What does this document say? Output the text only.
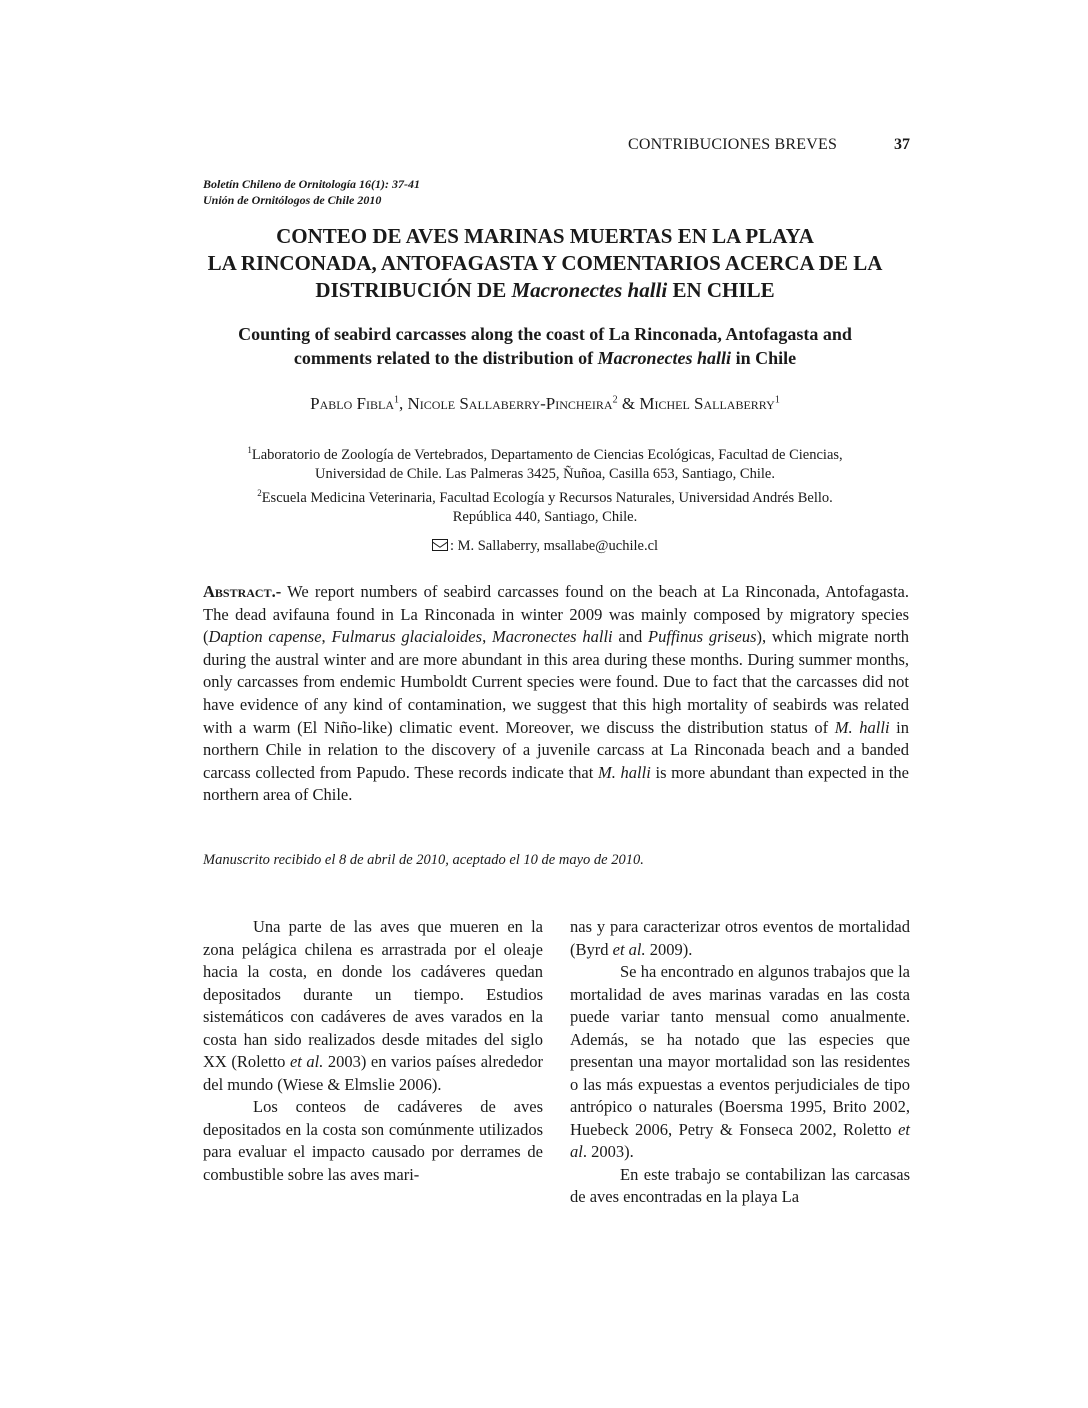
CONTRIBUCIONES BREVES	37
Boletín Chileno de Ornitología 16(1): 37-41
Unión de Ornitólogos de Chile 2010
CONTEO DE AVES MARINAS MUERTAS EN LA PLAYA
LA RINCONADA, ANTOFAGASTA Y COMENTARIOS ACERCA DE LA
DISTRIBUCIÓN DE Macronectes halli EN CHILE
Counting of seabird carcasses along the coast of La Rinconada, Antofagasta and
comments related to the distribution of Macronectes halli in Chile
Pablo Fibla$^1$, Nicole Sallaberry-Pincheira$^2$ & Michel Sallaberry$^1$
$^1$Laboratorio de Zoología de Vertebrados, Departamento de Ciencias Ecológicas, Facultad de Ciencias,
Universidad de Chile. Las Palmeras 3425, Ñuñoa, Casilla 653, Santiago, Chile.
$^2$Escuela Medicina Veterinaria, Facultad Ecología y Recursos Naturales, Universidad Andrés Bello.
República 440, Santiago, Chile.
: M. Sallaberry, msallabe@uchile.cl
Abstract.- We report numbers of seabird carcasses found on the beach at La Rinconada, Antofagasta. The dead avifauna found in La Rinconada in winter 2009 was mainly composed by migratory species (Daption capense, Fulmarus glacialoides, Macronectes halli and Puffinus griseus), which migrate north during the austral winter and are more abundant in this area during these months. During summer months, only carcasses from endemic Humboldt Current species were found. Due to fact that the carcasses did not have evidence of any kind of contamination, we suggest that this high mortality of seabirds was related with a warm (El Niño-like) climatic event. Moreover, we discuss the distribution status of M. halli in northern Chile in relation to the discovery of a juvenile carcass at La Rinconada beach and a banded carcass collected from Papudo. These records indicate that M. halli is more abundant than expected in the northern area of Chile.
Manuscrito recibido el 8 de abril de 2010, aceptado el 10 de mayo de 2010.

Una parte de las aves que mueren en la zona pelágica chilena es arrastrada por el oleaje hacia la costa, en donde los cadáveres quedan depositados durante un tiempo. Estudios sistemáticos con cadáveres de aves varados en la costa han sido realizados desde mitades del siglo XX (Roletto et al. 2003) en varios países alrededor del mundo (Wiese & Elmslie 2006).

Los conteos de cadáveres de aves depositados en la costa son comúnmente utilizados para evaluar el impacto causado por derrames de combustible sobre las aves mari-

nas y para caracterizar otros eventos de mortalidad (Byrd et al. 2009).

Se ha encontrado en algunos trabajos que la mortalidad de aves marinas varadas en las costa puede variar tanto mensual como anualmente. Además, se ha notado que las especies que presentan una mayor mortalidad son las residentes o las más expuestas a eventos perjudiciales de tipo antrópico o naturales (Boersma 1995, Brito 2002, Huebeck 2006, Petry & Fonseca 2002, Roletto et al. 2003).

En este trabajo se contabilizan las carcasas de aves encontradas en la playa La
